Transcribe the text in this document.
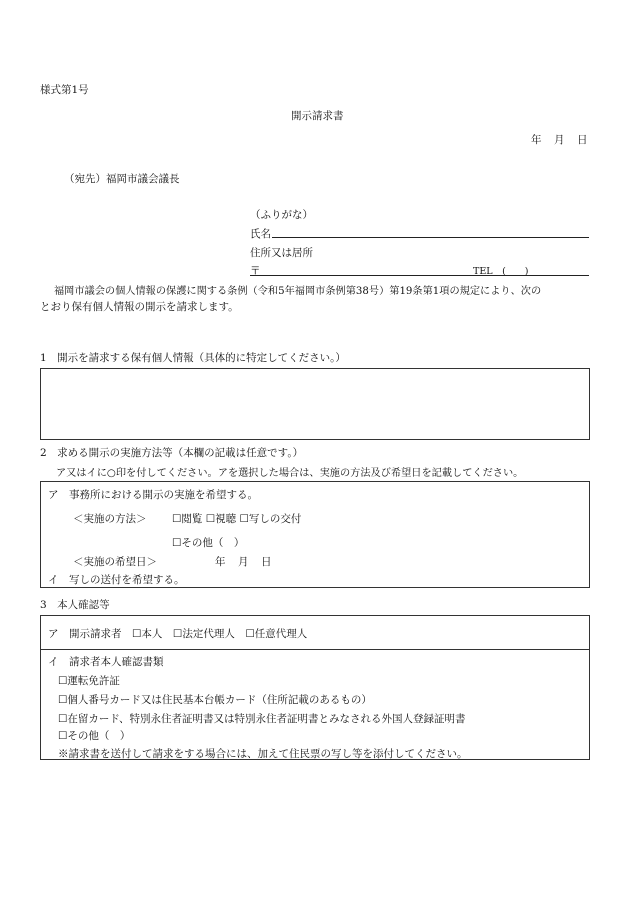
様式第1号
開示請求書
年　月　日
（宛先）福岡市議会議長
（ふりがな）
氏名
住所又は居所
〒	TEL　(　　)
福岡市議会の個人情報の保護に関する条例（令和5年福岡市条例第38号）第19条第1項の規定により、次の
とおり保有個人情報の開示を請求します。
1　開示を請求する保有個人情報（具体的に特定してください。）
2　求める開示の実施方法等（本欄の記載は任意です。）
ア又はイに○印を付してください。アを選択した場合は、実施の方法及び希望日を記載してください。
ア　事務所における開示の実施を希望する。
＜実施の方法＞ ☐閲覧 ☐視聴 ☐写しの交付
☐その他（　）
＜実施の希望日＞	年　月　日
イ　写しの送付を希望する。
3　本人確認等
ア　開示請求者　☐本人　☐法定代理人　☐任意代理人
イ　請求者本人確認書類
☐運転免許証
☐個人番号カード又は住民基本台帳カード（住所記載のあるもの）
☐在留カード、特別永住者証明書又は特別永住者証明書とみなされる外国人登録証明書
☐その他（　）
※請求書を送付して請求をする場合には、加えて住民票の写し等を添付してください。
